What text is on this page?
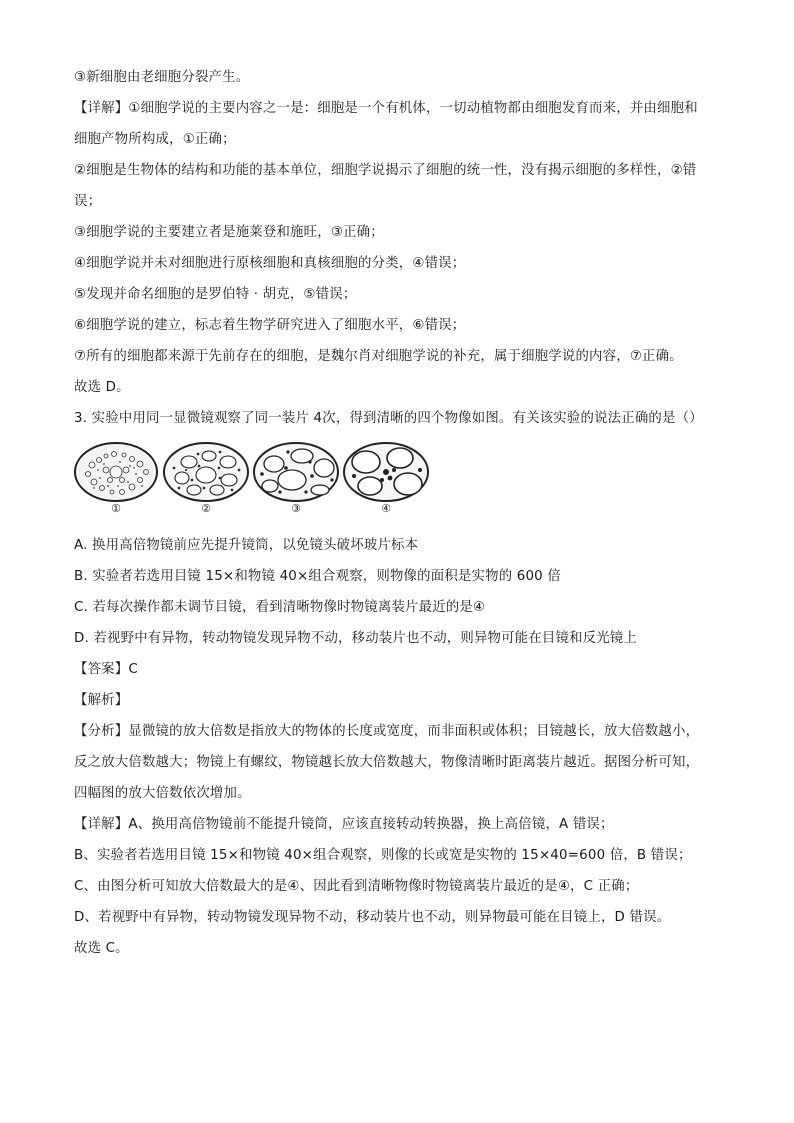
③新细胞由老细胞分裂产生。
【详解】①细胞学说的主要内容之一是：细胞是一个有机体，一切动植物都由细胞发育而来，并由细胞和
细胞产物所构成，①正确；
②细胞是生物体的结构和功能的基本单位，细胞学说揭示了细胞的统一性，没有揭示细胞的多样性，②错
误；
③细胞学说的主要建立者是施莱登和施旺，③正确；
④细胞学说并未对细胞进行原核细胞和真核细胞的分类，④错误；
⑤发现并命名细胞的是罗伯特 · 胡克，⑤错误；
⑥细胞学说的建立，标志着生物学研究进入了细胞水平，⑥错误；
⑦所有的细胞都来源于先前存在的细胞，是魏尔肖对细胞学说的补充，属于细胞学说的内容，⑦正确。
故选 D。
3. 实验中用同一显微镜观察了同一装片 4次，得到清晰的四个物像如图。有关该实验的说法正确的是（）
①	②	③	④
A. 换用高倍物镜前应先提升镜筒，以免镜头破坏玻片标本
B. 实验者若选用目镜 15×和物镜 40×组合观察，则物像的面积是实物的 600 倍
C. 若每次操作都未调节目镜，看到清晰物像时物镜离装片最近的是④
D. 若视野中有异物，转动物镜发现异物不动，移动装片也不动，则异物可能在目镜和反光镜上
【答案】C
【解析】
【分析】显微镜的放大倍数是指放大的物体的长度或宽度，而非面积或体积；目镜越长，放大倍数越小，
反之放大倍数越大；物镜上有螺纹，物镜越长放大倍数越大，物像清晰时距离装片越近。据图分析可知，
四幅图的放大倍数依次增加。
【详解】A、换用高倍物镜前不能提升镜筒，应该直接转动转换器，换上高倍镜，A 错误；
B、实验者若选用目镜 15×和物镜 40×组合观察，则像的长或宽是实物的 15×40=600 倍，B 错误；
C、由图分析可知放大倍数最大的是④、因此看到清晰物像时物镜离装片最近的是④，C 正确；
D、若视野中有异物，转动物镜发现异物不动，移动装片也不动，则异物最可能在目镜上，D 错误。
故选 C。
